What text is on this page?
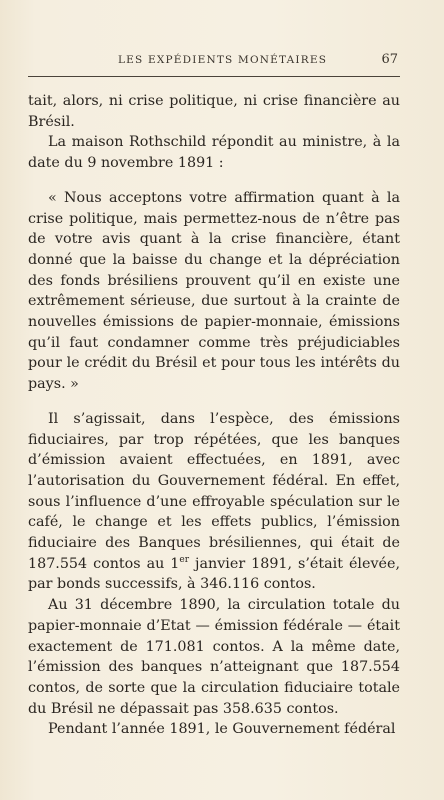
LES EXPÉDIENTS MONÉTAIRES	67

tait, alors, ni crise politique, ni crise financière au Brésil.

La maison Rothschild répondit au ministre, à la date du 9 novembre 1891 :

« Nous acceptons votre affirmation quant à la crise politique, mais permettez-nous de n’être pas de votre avis quant à la crise financière, étant donné que la baisse du change et la dépréciation des fonds brésiliens prouvent qu’il en existe une extrêmement sérieuse, due surtout à la crainte de nouvelles émissions de papier-monnaie, émissions qu’il faut condamner comme très préjudiciables pour le crédit du Brésil et pour tous les intérêts du pays. »

Il s’agissait, dans l’espèce, des émissions fiduciaires, par trop répétées, que les banques d’émission avaient effectuées, en 1891, avec l’autorisation du Gouvernement fédéral. En effet, sous l’influence d’une effroyable spéculation sur le café, le change et les effets publics, l’émission fiduciaire des Banques brésiliennes, qui était de 187.554 contos au 1er janvier 1891, s’était élevée, par bonds successifs, à 346.116 contos.

Au 31 décembre 1890, la circulation totale du papier-monnaie d’Etat — émission fédérale — était exactement de 171.081 contos. A la même date, l’émission des banques n’atteignant que 187.554 contos, de sorte que la circulation fiduciaire totale du Brésil ne dépassait pas 358.635 contos.

Pendant l’année 1891, le Gouvernement fédéral
